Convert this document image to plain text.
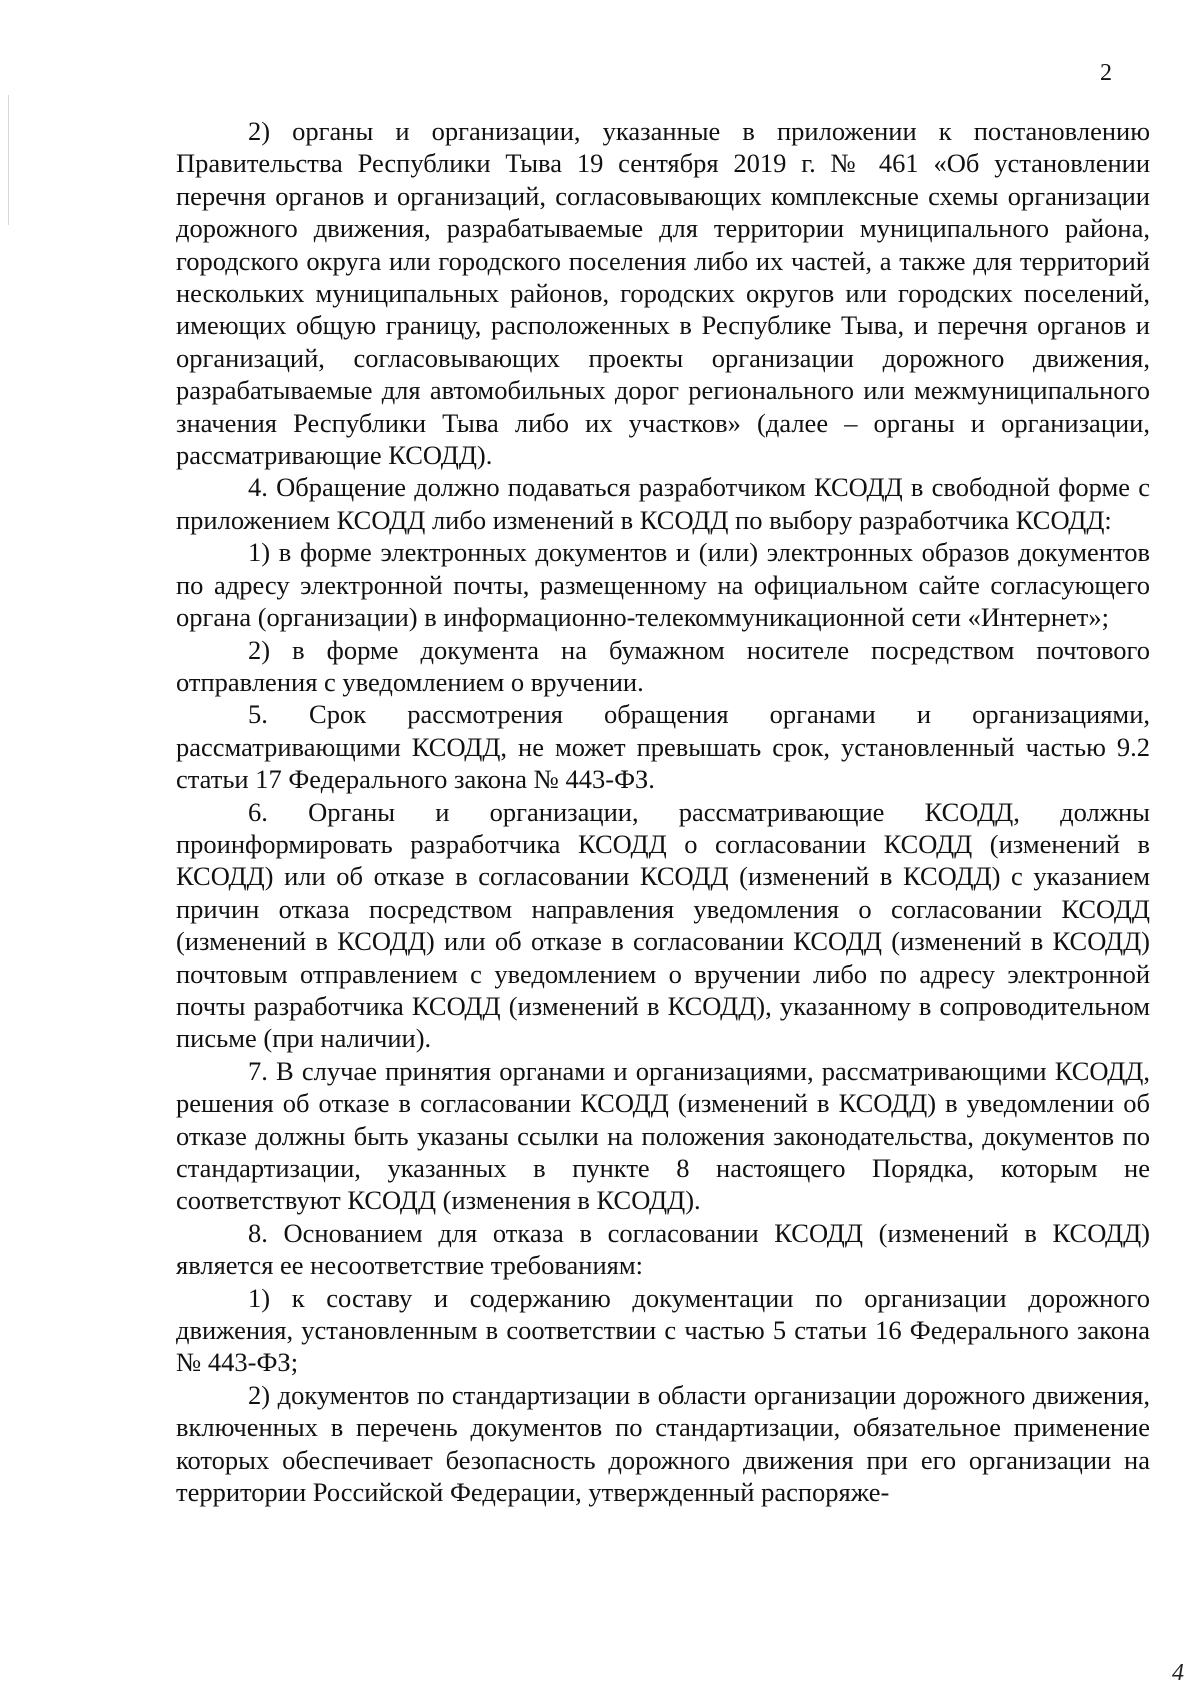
2

2) органы и организации, указанные в приложении к постановлению Правительства Республики Тыва 19 сентября 2019 г. № 461 «Об установлении перечня органов и организаций, согласовывающих комплексные схемы организации дорожного движения, разрабатываемые для территории муниципального района, городского округа или городского поселения либо их частей, а также для территорий нескольких муниципальных районов, городских округов или городских поселений, имеющих общую границу, расположенных в Республике Тыва, и перечня органов и организаций, согласовывающих проекты организации дорожного движения, разрабатываемые для автомобильных дорог регионального или межмуниципального значения Республики Тыва либо их участков» (далее – органы и организации, рассматривающие КСОДД).

4. Обращение должно подаваться разработчиком КСОДД в свободной форме с приложением КСОДД либо изменений в КСОДД по выбору разработчика КСОДД:

1) в форме электронных документов и (или) электронных образов документов по адресу электронной почты, размещенному на официальном сайте согласующего органа (организации) в информационно-телекоммуникационной сети «Интернет»;

2) в форме документа на бумажном носителе посредством почтового отправления с уведомлением о вручении.

5. Срок рассмотрения обращения органами и организациями, рассматривающими КСОДД, не может превышать срок, установленный частью 9.2 статьи 17 Федерального закона № 443-ФЗ.

6. Органы и организации, рассматривающие КСОДД, должны проинформировать разработчика КСОДД о согласовании КСОДД (изменений в КСОДД) или об отказе в согласовании КСОДД (изменений в КСОДД) с указанием причин отказа посредством направления уведомления о согласовании КСОДД (изменений в КСОДД) или об отказе в согласовании КСОДД (изменений в КСОДД) почтовым отправлением с уведомлением о вручении либо по адресу электронной почты разработчика КСОДД (изменений в КСОДД), указанному в сопроводительном письме (при наличии).

7. В случае принятия органами и организациями, рассматривающими КСОДД, решения об отказе в согласовании КСОДД (изменений в КСОДД) в уведомлении об отказе должны быть указаны ссылки на положения законодательства, документов по стандартизации, указанных в пункте 8 настоящего Порядка, которым не соответствуют КСОДД (изменения в КСОДД).

8. Основанием для отказа в согласовании КСОДД (изменений в КСОДД) является ее несоответствие требованиям:

1) к составу и содержанию документации по организации дорожного движения, установленным в соответствии с частью 5 статьи 16 Федерального закона № 443-ФЗ;

2) документов по стандартизации в области организации дорожного движения, включенных в перечень документов по стандартизации, обязательное применение которых обеспечивает безопасность дорожного движения при его организации на территории Российской Федерации, утвержденный распоряже-

4
